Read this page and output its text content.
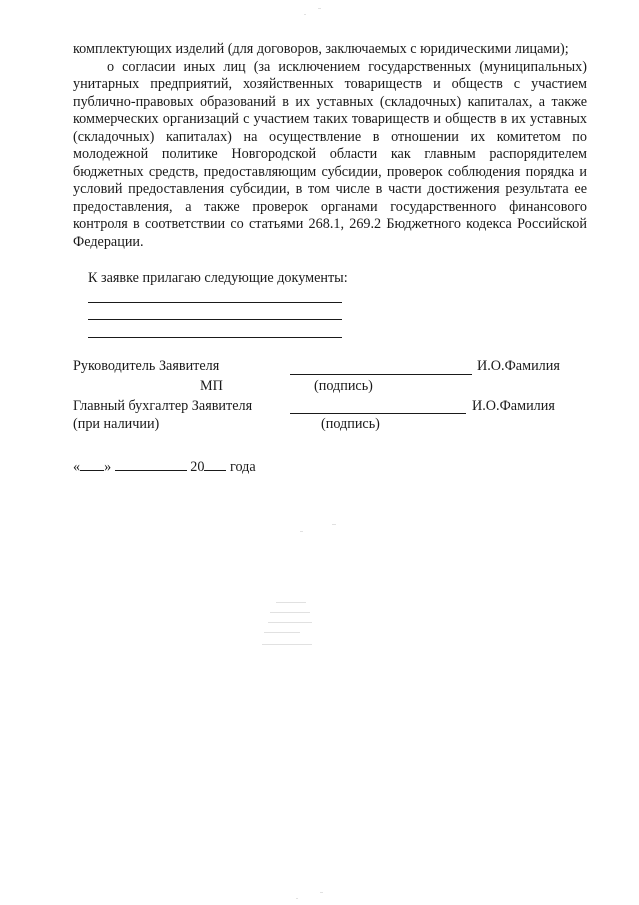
комплектующих изделий (для договоров, заключаемых с юридическими лицами);

о согласии иных лиц (за исключением государственных (муниципальных) унитарных предприятий, хозяйственных товариществ и обществ с участием публично-правовых образований в их уставных (складочных) капиталах, а также коммерческих организаций с участием таких товариществ и обществ в их уставных (складочных) капиталах) на осуществление в отношении их комитетом по молодежной политике Новгородской области как главным распорядителем бюджетных средств, предоставляющим субсидии, проверок соблюдения порядка и условий предоставления субсидии, в том числе в части достижения результата ее предоставления, а также проверок органами государственного финансового контроля в соответствии со статьями 268.1, 269.2 Бюджетного кодекса Российской Федерации.

К заявке прилагаю следующие документы:
Руководитель Заявителя	И.О.Фамилия
МП	(подпись)
Главный бухгалтер Заявителя	И.О.Фамилия
(при наличии)	(подпись)
« »	20 года
